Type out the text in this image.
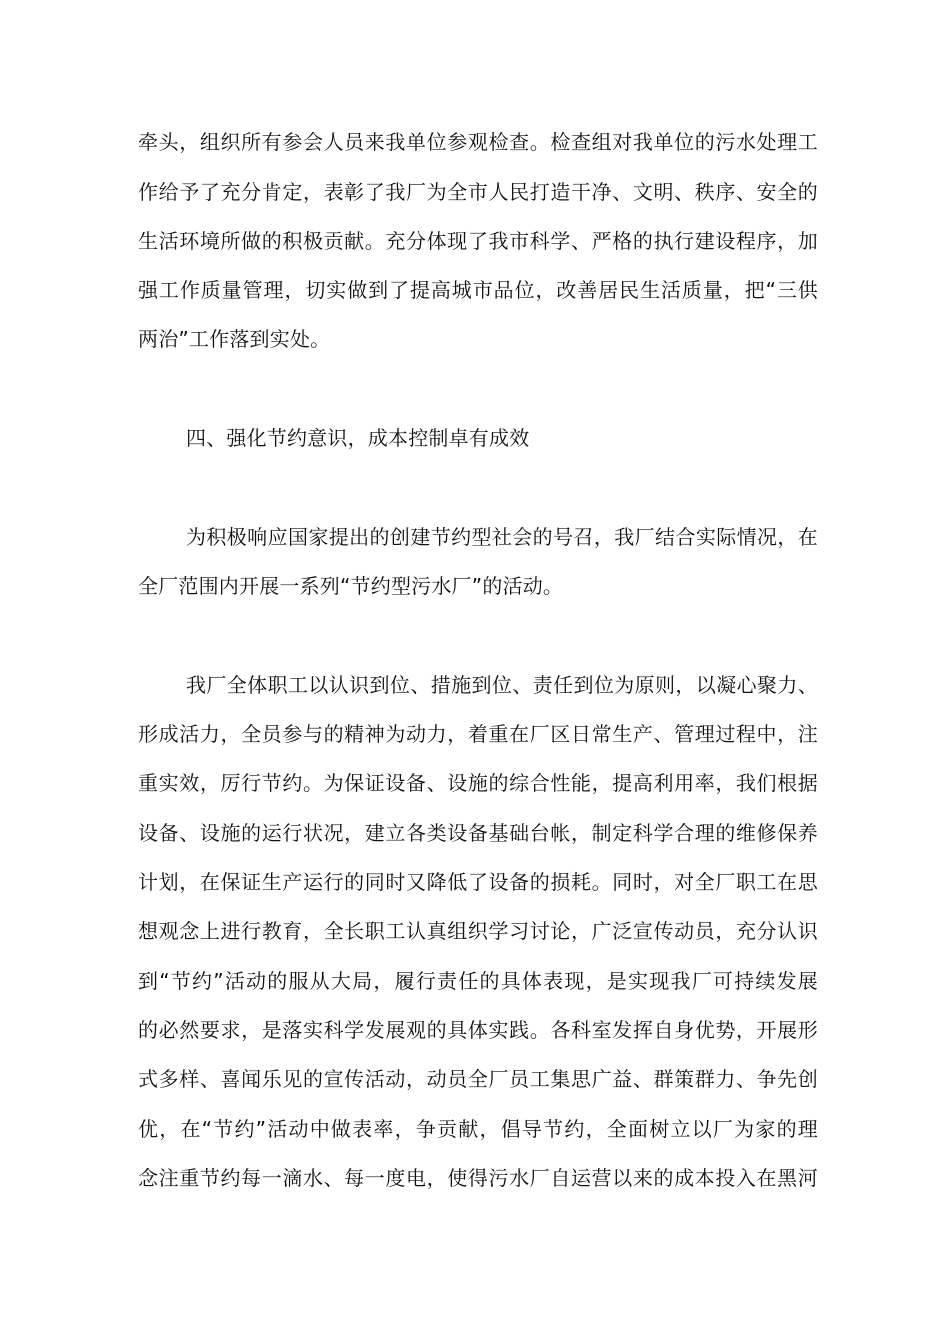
牵头，组织所有参会人员来我单位参观检查。检查组对我单位的污水处理工
作给予了充分肯定，表彰了我厂为全市人民打造干净、文明、秩序、安全的
生活环境所做的积极贡献。充分体现了我市科学、严格的执行建设程序，加
强工作质量管理，切实做到了提高城市品位，改善居民生活质量，把“三供
两治”工作落到实处。
四、强化节约意识，成本控制卓有成效
为积极响应国家提出的创建节约型社会的号召，我厂结合实际情况，在
全厂范围内开展一系列“节约型污水厂”的活动。
我厂全体职工以认识到位、措施到位、责任到位为原则，以凝心聚力、
形成活力，全员参与的精神为动力，着重在厂区日常生产、管理过程中，注
重实效，厉行节约。为保证设备、设施的综合性能，提高利用率，我们根据
设备、设施的运行状况，建立各类设备基础台帐，制定科学合理的维修保养
计划，在保证生产运行的同时又降低了设备的损耗。同时，对全厂职工在思
想观念上进行教育，全长职工认真组织学习讨论，广泛宣传动员，充分认识
到“节约”活动的服从大局，履行责任的具体表现，是实现我厂可持续发展
的必然要求，是落实科学发展观的具体实践。各科室发挥自身优势，开展形
式多样、喜闻乐见的宣传活动，动员全厂员工集思广益、群策群力、争先创
优，在“节约”活动中做表率，争贡献，倡导节约，全面树立以厂为家的理
念注重节约每一滴水、每一度电，使得污水厂自运营以来的成本投入在黑河
